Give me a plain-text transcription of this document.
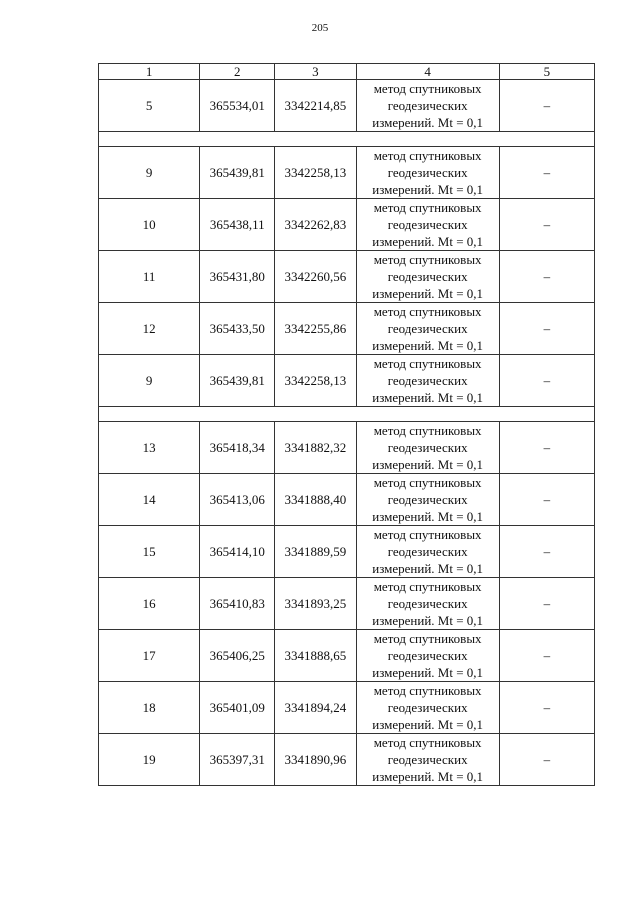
205
1	2	3	4	5
5	365534,01	3342214,85	метод спутниковых
геодезических
измерений. Mt = 0,1	–

9	365439,81	3342258,13	метод спутниковых
геодезических
измерений. Mt = 0,1	–
10	365438,11	3342262,83	метод спутниковых
геодезических
измерений. Mt = 0,1	–
11	365431,80	3342260,56	метод спутниковых
геодезических
измерений. Mt = 0,1	–
12	365433,50	3342255,86	метод спутниковых
геодезических
измерений. Mt = 0,1	–
9	365439,81	3342258,13	метод спутниковых
геодезических
измерений. Mt = 0,1	–

13	365418,34	3341882,32	метод спутниковых
геодезических
измерений. Mt = 0,1	–
14	365413,06	3341888,40	метод спутниковых
геодезических
измерений. Mt = 0,1	–
15	365414,10	3341889,59	метод спутниковых
геодезических
измерений. Mt = 0,1	–
16	365410,83	3341893,25	метод спутниковых
геодезических
измерений. Mt = 0,1	–
17	365406,25	3341888,65	метод спутниковых
геодезических
измерений. Mt = 0,1	–
18	365401,09	3341894,24	метод спутниковых
геодезических
измерений. Mt = 0,1	–
19	365397,31	3341890,96	метод спутниковых
геодезических
измерений. Mt = 0,1	–
